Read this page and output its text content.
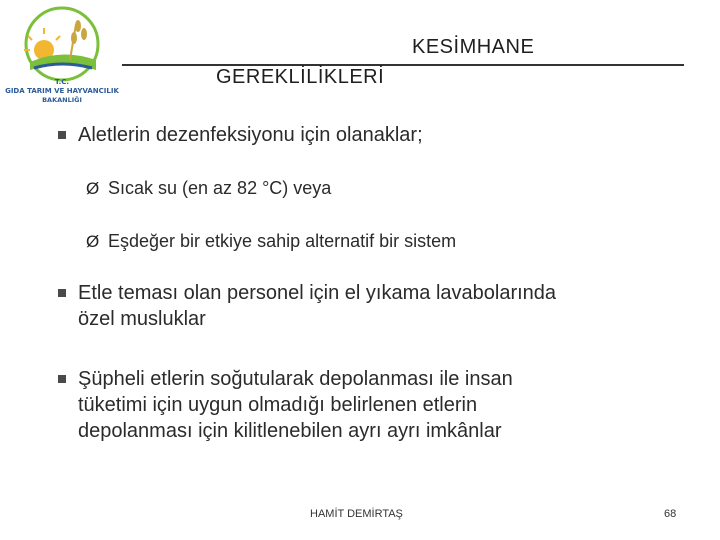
T.C.
GIDA TARIM VE HAYVANCILIK
BAKANLIĞI
KESİMHANE
GEREKLİLİKLERİ
Aletlerin dezenfeksiyonu için olanaklar;
Ø Sıcak su (en az 82 °C) veya
Ø Eşdeğer bir etkiye sahip alternatif bir sistem
Etle teması olan personel için el yıkama lavabolarında
özel musluklar
Şüpheli etlerin soğutularak depolanması ile insan
tüketimi için uygun olmadığı belirlenen etlerin
depolanması için kilitlenebilen ayrı ayrı imkânlar
HAMİT DEMİRTAŞ	68
